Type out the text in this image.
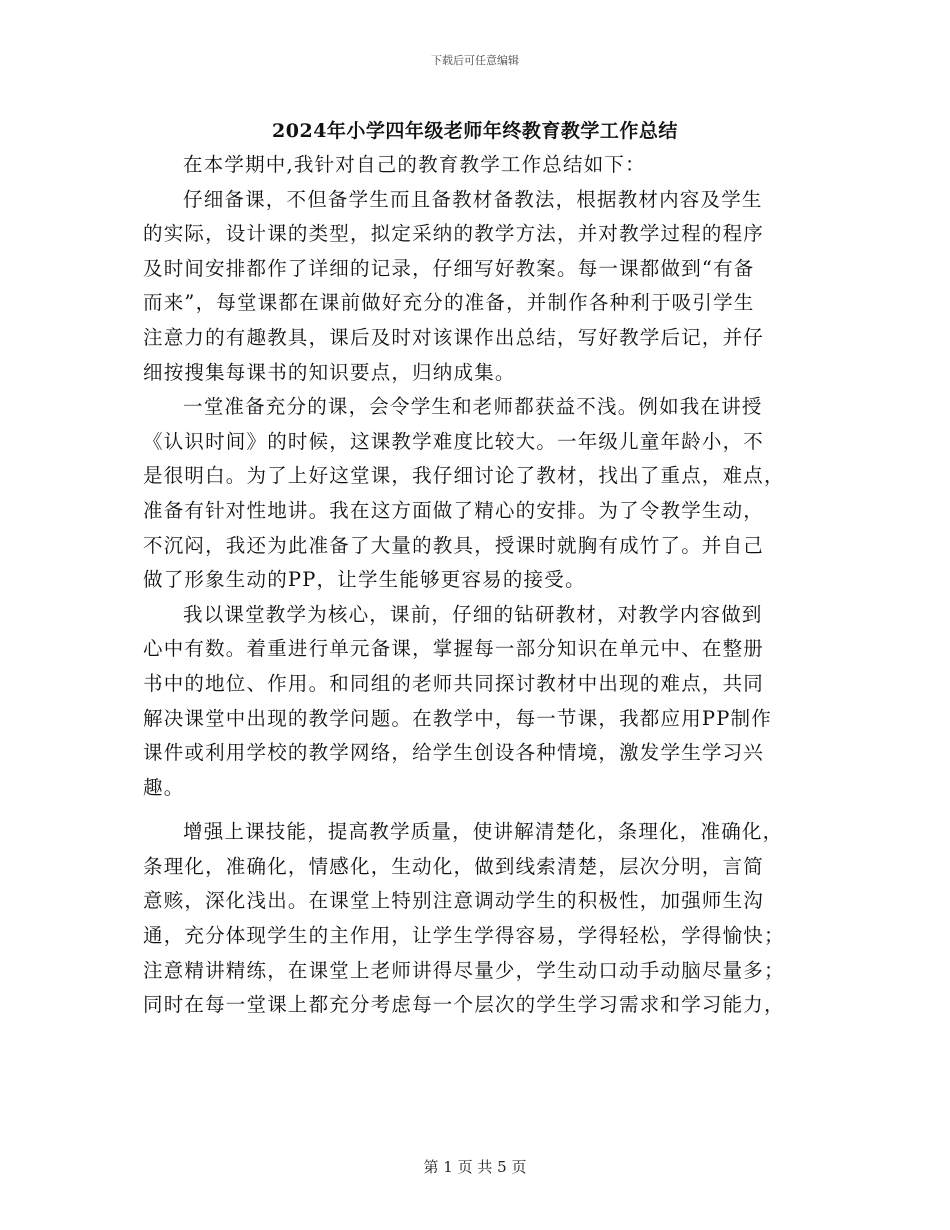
下载后可任意编辑
2024年小学四年级老师年终教育教学工作总结
在本学期中,我针对自己的教育教学工作总结如下：
仔细备课，不但备学生而且备教材备教法，根据教材内容及学生
的实际，设计课的类型，拟定采纳的教学方法，并对教学过程的程序
及时间安排都作了详细的记录，仔细写好教案。每一课都做到“有备
而来”，每堂课都在课前做好充分的准备，并制作各种利于吸引学生
注意力的有趣教具，课后及时对该课作出总结，写好教学后记，并仔
细按搜集每课书的知识要点，归纳成集。
一堂准备充分的课，会令学生和老师都获益不浅。例如我在讲授
《认识时间》的时候，这课教学难度比较大。一年级儿童年龄小，不
是很明白。为了上好这堂课，我仔细讨论了教材，找出了重点，难点，
准备有针对性地讲。我在这方面做了精心的安排。为了令教学生动，
不沉闷，我还为此准备了大量的教具，授课时就胸有成竹了。并自己
做了形象生动的PP，让学生能够更容易的接受。
我以课堂教学为核心，课前，仔细的钻研教材，对教学内容做到
心中有数。着重进行单元备课，掌握每一部分知识在单元中、在整册
书中的地位、作用。和同组的老师共同探讨教材中出现的难点，共同
解决课堂中出现的教学问题。在教学中，每一节课，我都应用PP制作
课件或利用学校的教学网络，给学生创设各种情境，激发学生学习兴
趣。
增强上课技能，提高教学质量，使讲解清楚化，条理化，准确化，
条理化，准确化，情感化，生动化，做到线索清楚，层次分明，言简
意赅，深化浅出。在课堂上特别注意调动学生的积极性，加强师生沟
通，充分体现学生的主作用，让学生学得容易，学得轻松，学得愉快；
注意精讲精练，在课堂上老师讲得尽量少，学生动口动手动脑尽量多；
同时在每一堂课上都充分考虑每一个层次的学生学习需求和学习能力，
第 1 页 共 5 页
